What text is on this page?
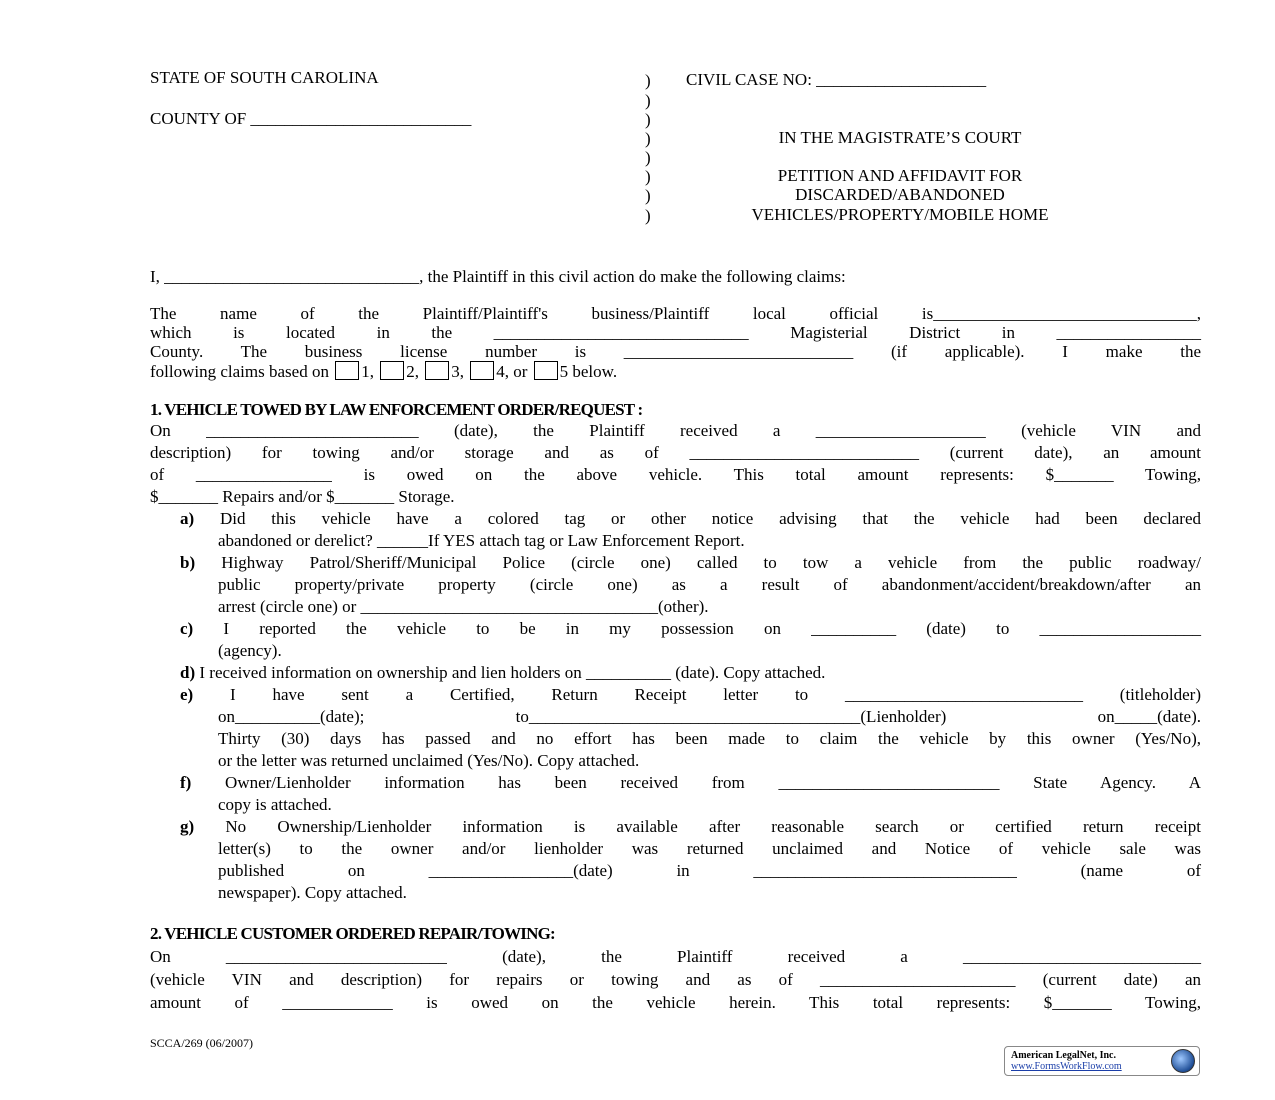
STATE OF SOUTH CAROLINA
COUNTY OF __________________________
)
)
)
)
)
)
)
)
CIVIL CASE NO: ____________________
IN THE MAGISTRATE’S COURT
PETITION AND AFFIDAVIT FOR
DISCARDED/ABANDONED
VEHICLES/PROPERTY/MOBILE HOME
I, ______________________________, the Plaintiff in this civil action do make the following claims:
The name of the Plaintiff/Plaintiff's business/Plaintiff local official is_______________________________,
which is located in the ______________________________ Magisterial District in _________________
County. The business license number is ___________________________ (if applicable). I make the
following claims based on 1, 2, 3, 4, or 5 below.
1. VEHICLE TOWED BY LAW ENFORCEMENT ORDER/REQUEST :
On _________________________ (date), the Plaintiff received a ____________________ (vehicle VIN and
description) for towing and/or storage and as of ___________________________ (current date), an amount
of ________________ is owed on the above vehicle. This total amount represents: $_______ Towing,
$_______ Repairs and/or $_______ Storage.
a) Did this vehicle have a colored tag or other notice advising that the vehicle had been declared
abandoned or derelict? ______If YES attach tag or Law Enforcement Report.
b) Highway Patrol/Sheriff/Municipal Police (circle one) called to tow a vehicle from the public roadway/
public property/private property (circle one) as a result of abandonment/accident/breakdown/after an
arrest (circle one) or ___________________________________(other).
c) I reported the vehicle to be in my possession on __________ (date) to ___________________
(agency).
d) I received information on ownership and lien holders on __________ (date). Copy attached.
e) I have sent a Certified, Return Receipt letter to ____________________________ (titleholder)
on__________(date); to_______________________________________(Lienholder) on_____(date).
Thirty (30) days has passed and no effort has been made to claim the vehicle by this owner (Yes/No),
or the letter was returned unclaimed (Yes/No). Copy attached.
f) Owner/Lienholder information has been received from __________________________ State Agency. A
copy is attached.
g) No Ownership/Lienholder information is available after reasonable search or certified return receipt
letter(s) to the owner and/or lienholder was returned unclaimed and Notice of vehicle sale was
published on _________________(date) in _______________________________ (name of
newspaper). Copy attached.
2. VEHICLE CUSTOMER ORDERED REPAIR/TOWING:
On __________________________ (date), the Plaintiff received a ____________________________
(vehicle VIN and description) for repairs or towing and as of _______________________ (current date) an
amount of _____________ is owed on the vehicle herein. This total represents: $_______ Towing,
SCCA/269 (06/2007)
American LegalNet, Inc.
www.FormsWorkFlow.com
